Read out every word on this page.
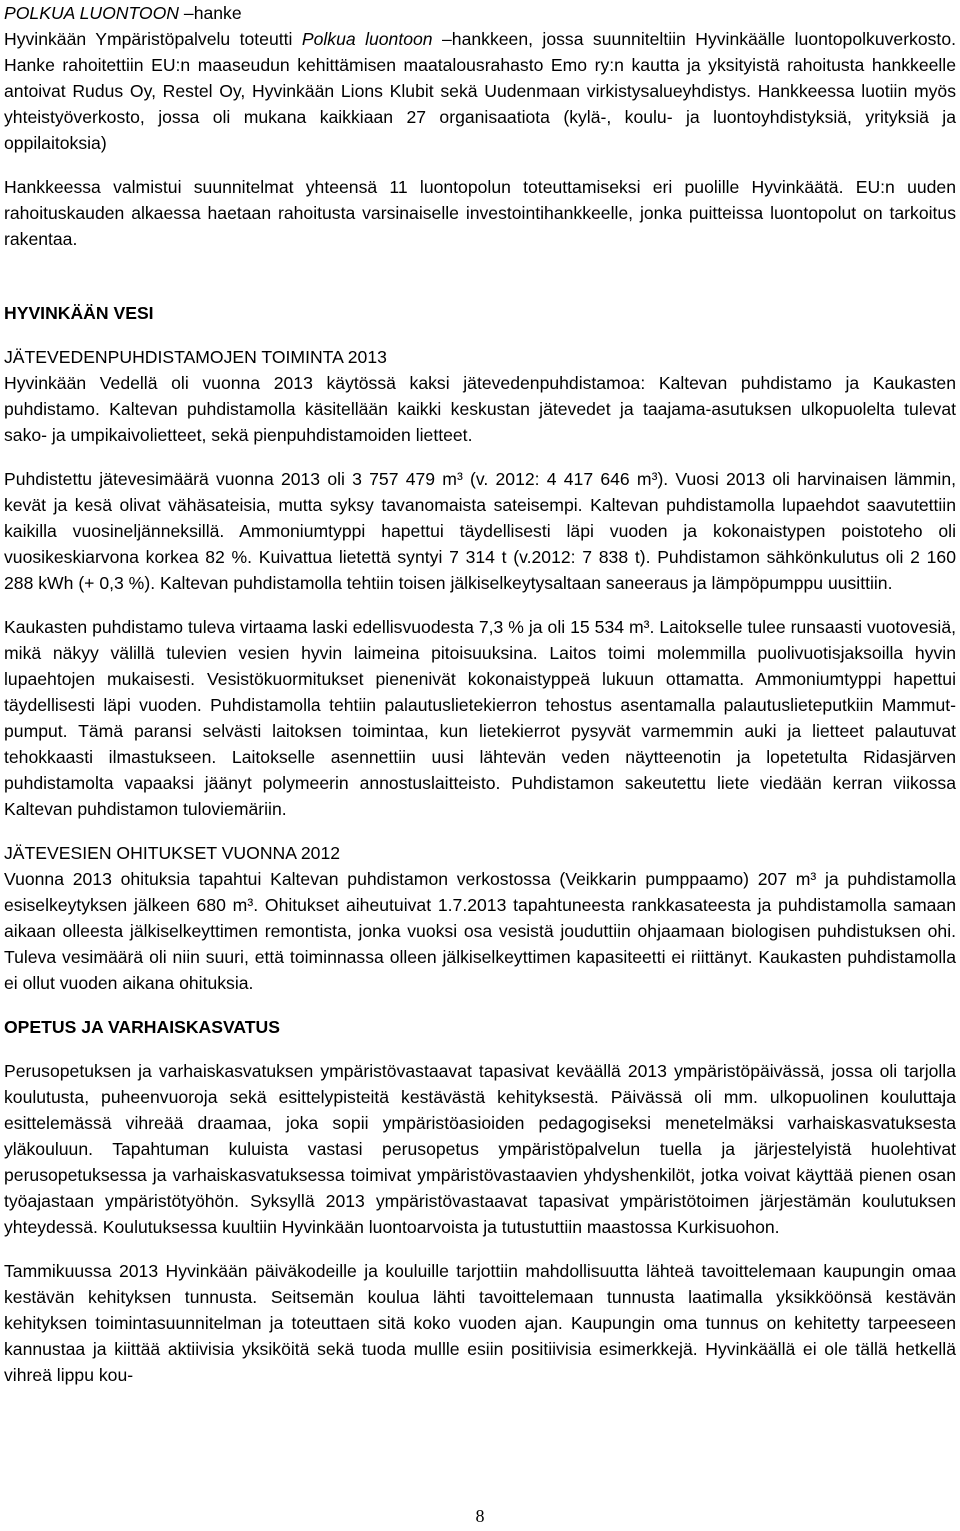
POLKUA LUONTOON –hanke

Hyvinkään Ympäristöpalvelu toteutti Polkua luontoon –hankkeen, jossa suunniteltiin Hyvinkäälle luontopolkuverkosto. Hanke rahoitettiin EU:n maaseudun kehittämisen maatalousrahasto Emo ry:n kautta ja yksityistä rahoitusta hankkeelle antoivat Rudus Oy, Restel Oy, Hyvinkään Lions Klubit sekä Uudenmaan virkistysalueyhdistys. Hankkeessa luotiin myös yhteistyöverkosto, jossa oli mukana kaikkiaan 27 organisaatiota (kylä-, koulu- ja luontoyhdistyksiä, yrityksiä ja oppilaitoksia)

Hankkeessa valmistui suunnitelmat yhteensä 11 luontopolun toteuttamiseksi eri puolille Hyvinkäätä. EU:n uuden rahoituskauden alkaessa haetaan rahoitusta varsinaiselle investointihankkeelle, jonka puitteissa luontopolut on tarkoitus rakentaa.

HYVINKÄÄN VESI

JÄTEVEDENPUHDISTAMOJEN TOIMINTA 2013

Hyvinkään Vedellä oli vuonna 2013 käytössä kaksi jätevedenpuhdistamoa: Kaltevan puhdistamo ja Kaukasten puhdistamo. Kaltevan puhdistamolla käsitellään kaikki keskustan jätevedet ja taajama-asutuksen ulkopuolelta tulevat sako- ja umpikaivolietteet, sekä pienpuhdistamoiden lietteet.

Puhdistettu jätevesimäärä vuonna 2013 oli 3 757 479 m³ (v. 2012: 4 417 646 m³). Vuosi 2013 oli harvinaisen lämmin, kevät ja kesä olivat vähäsateisia, mutta syksy tavanomaista sateisempi. Kaltevan puhdistamolla lupaehdot saavutettiin kaikilla vuosineljänneksillä. Ammoniumtyppi hapettui täydellisesti läpi vuoden ja kokonaistypen poistoteho oli vuosikeskiarvona korkea 82 %. Kuivattua lietettä syntyi 7 314 t (v.2012: 7 838 t). Puhdistamon sähkönkulutus oli 2 160 288 kWh (+ 0,3 %). Kaltevan puhdistamolla tehtiin toisen jälkiselkeytysaltaan saneeraus ja lämpöpumppu uusittiin.

Kaukasten puhdistamo tuleva virtaama laski edellisvuodesta 7,3 % ja oli 15 534 m³. Laitokselle tulee runsaasti vuotovesiä, mikä näkyy välillä tulevien vesien hyvin laimeina pitoisuuksina. Laitos toimi molemmilla puolivuotisjaksoilla hyvin lupaehtojen mukaisesti. Vesistökuormitukset pienenivät kokonaistyppeä lukuun ottamatta. Ammoniumtyppi hapettui täydellisesti läpi vuoden. Puhdistamolla tehtiin palautuslietekierron tehostus asentamalla palautuslieteputkiin Mammut-pumput. Tämä paransi selvästi laitoksen toimintaa, kun lietekierrot pysyvät varmemmin auki ja lietteet palautuvat tehokkaasti ilmastukseen. Laitokselle asennettiin uusi lähtevän veden näytteenotin ja lopetetulta Ridasjärven puhdistamolta vapaaksi jäänyt polymeerin annostuslaitteisto. Puhdistamon sakeutettu liete viedään kerran viikossa Kaltevan puhdistamon tuloviemäriin.

JÄTEVESIEN OHITUKSET VUONNA 2012

Vuonna 2013 ohituksia tapahtui Kaltevan puhdistamon verkostossa (Veikkarin pumppaamo) 207 m³ ja puhdistamolla esiselkeytyksen jälkeen 680 m³. Ohitukset aiheutuivat 1.7.2013 tapahtuneesta rankkasateesta ja puhdistamolla samaan aikaan olleesta jälkiselkeyttimen remontista, jonka vuoksi osa vesistä jouduttiin ohjaamaan biologisen puhdistuksen ohi. Tuleva vesimäärä oli niin suuri, että toiminnassa olleen jälkiselkeyttimen kapasiteetti ei riittänyt. Kaukasten puhdistamolla ei ollut vuoden aikana ohituksia.

OPETUS JA VARHAISKASVATUS

Perusopetuksen ja varhaiskasvatuksen ympäristövastaavat tapasivat keväällä 2013 ympäristöpäivässä, jossa oli tarjolla koulutusta, puheenvuoroja sekä esittelypisteitä kestävästä kehityksestä. Päivässä oli mm. ulkopuolinen kouluttaja esittelemässä vihreää draamaa, joka sopii ympäristöasioiden pedagogiseksi menetelmäksi varhaiskasvatuksesta yläkouluun. Tapahtuman kuluista vastasi perusopetus ympäristöpalvelun tuella ja järjestelyistä huolehtivat perusopetuksessa ja varhaiskasvatuksessa toimivat ympäristövastaavien yhdyshenkilöt, jotka voivat käyttää pienen osan työajastaan ympäristötyöhön. Syksyllä 2013 ympäristövastaavat tapasivat ympäristötoimen järjestämän koulutuksen yhteydessä. Koulutuksessa kuultiin Hyvinkään luontoarvoista ja tutustuttiin maastossa Kurkisuohon.

Tammikuussa 2013 Hyvinkään päiväkodeille ja kouluille tarjottiin mahdollisuutta lähteä tavoittelemaan kaupungin omaa kestävän kehityksen tunnusta. Seitsemän koulua lähti tavoittelemaan tunnusta laatimalla yksikköönsä kestävän kehityksen toimintasuunnitelman ja toteuttaen sitä koko vuoden ajan. Kaupungin oma tunnus on kehitetty tarpeeseen kannustaa ja kiittää aktiivisia yksiköitä sekä tuoda mullle esiin positiivisia esimerkkejä. Hyvinkäällä ei ole tällä hetkellä vihreä lippu kou-

8
